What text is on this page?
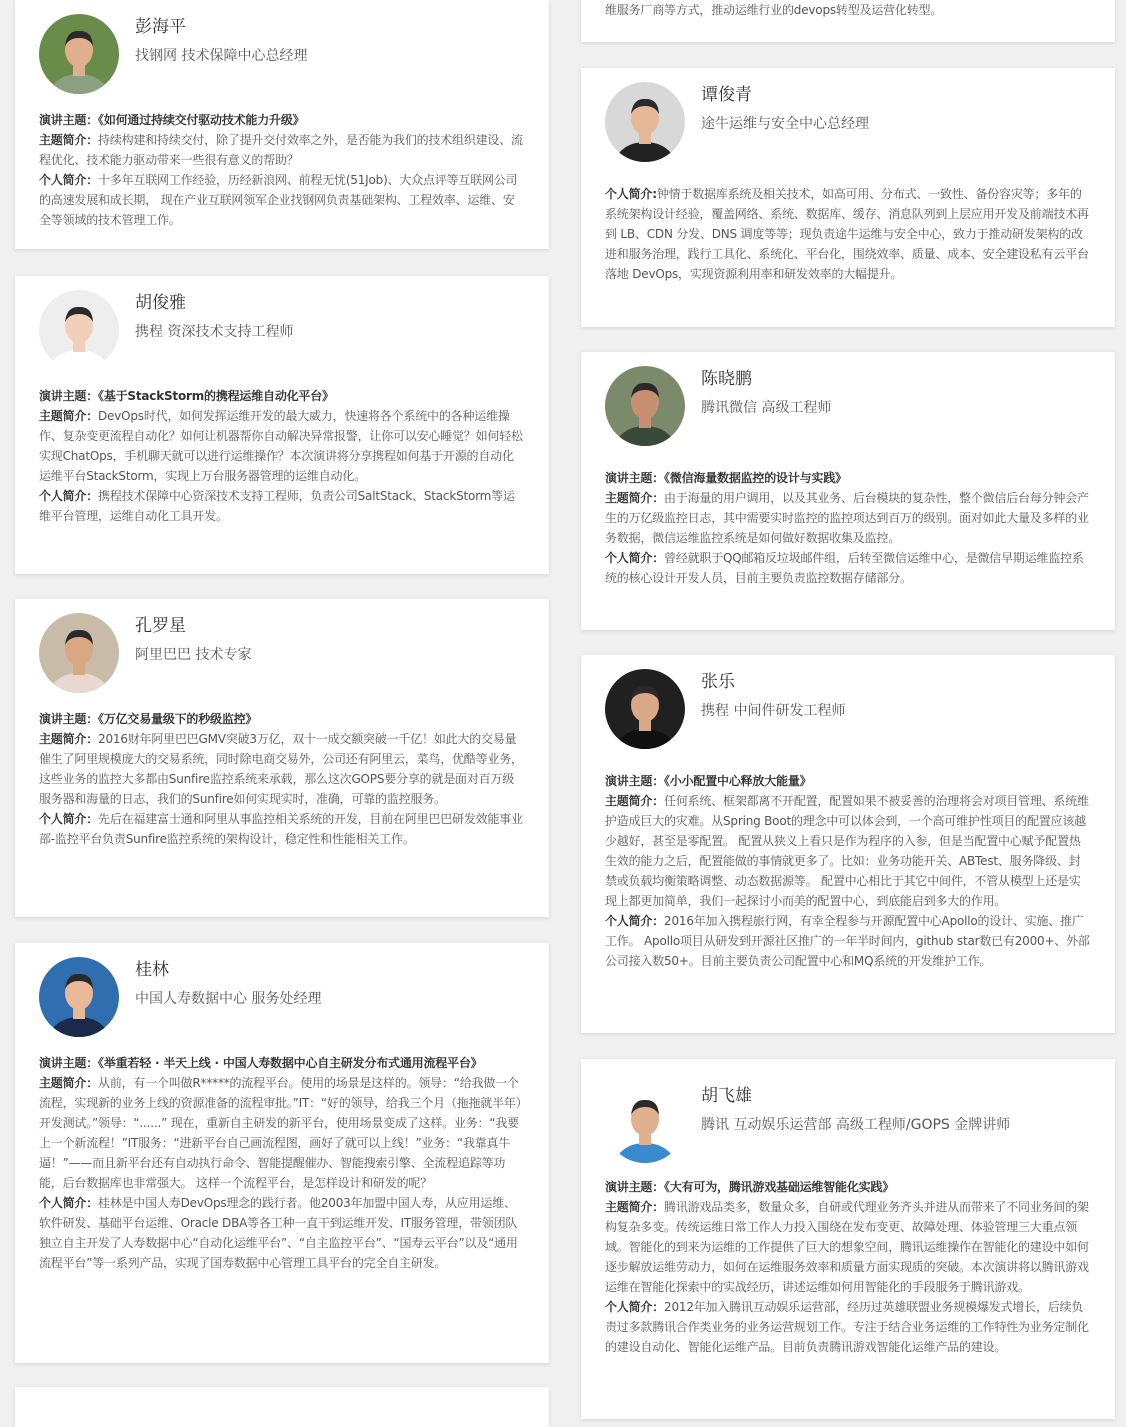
彭海平
找钢网 技术保障中心总经理

演讲主题：《如何通过持续交付驱动技术能力升级》

主题简介：持续构建和持续交付，除了提升交付效率之外，是否能为我们的技术组织建设、流程优化、技术能力驱动带来一些很有意义的帮助？

个人简介：十多年互联网工作经验，历经新浪网、前程无忧(51Job)、大众点评等互联网公司的高速发展和成长期， 现在产业互联网领军企业找钢网负责基础架构、工程效率、运维、安全等领域的技术管理工作。

胡俊雅
携程 资深技术支持工程师

演讲主题：《基于StackStorm的携程运维自动化平台》

主题简介：DevOps时代，如何发挥运维开发的最大威力，快速将各个系统中的各种运维操作、复杂变更流程自动化？如何让机器帮你自动解决异常报警，让你可以安心睡觉？如何轻松实现ChatOps，手机聊天就可以进行运维操作？本次演讲将分享携程如何基于开源的自动化运维平台StackStorm，实现上万台服务器管理的运维自动化。

个人简介：携程技术保障中心资深技术支持工程师，负责公司SaltStack、StackStorm等运维平台管理，运维自动化工具开发。

孔罗星
阿里巴巴 技术专家

演讲主题：《万亿交易量级下的秒级监控》

主题简介：2016财年阿里巴巴GMV突破3万亿，双十一成交额突破一千亿！如此大的交易量催生了阿里规模庞大的交易系统，同时除电商交易外，公司还有阿里云，菜鸟，优酷等业务，这些业务的监控大多都由Sunfire监控系统来承载，那么这次GOPS要分享的就是面对百万级服务器和海量的日志，我们的Sunfire如何实现实时，准确，可靠的监控服务。

个人简介：先后在福建富士通和阿里从事监控相关系统的开发，目前在阿里巴巴研发效能事业部-监控平台负责Sunfire监控系统的架构设计，稳定性和性能相关工作。

桂林
中国人寿数据中心 服务处经理

演讲主题：《举重若轻 · 半天上线 · 中国人寿数据中心自主研发分布式通用流程平台》

主题简介：从前，有一个叫做R*****的流程平台。使用的场景是这样的。领导：“给我做一个流程，实现新的业务上线的资源准备的流程审批。”IT：“好的领导，给我三个月（拖拖就半年）开发测试。”领导：“......” 现在，重新自主研发的新平台，使用场景变成了这样。业务：“我要上一个新流程！”IT服务：“进新平台自己画流程图，画好了就可以上线！”业务：“我靠真牛逼！”——而且新平台还有自动执行命令、智能提醒催办、智能搜索引擎、全流程追踪等功能，后台数据库也非常强大。 这样一个流程平台，是怎样设计和研发的呢？

个人简介：桂林是中国人寿DevOps理念的践行者。他2003年加盟中国人寿，从应用运维、软件研发、基础平台运维、Oracle DBA等各工种一直干到运维开发、IT服务管理，带领团队独立自主开发了人寿数据中心“自动化运维平台”、“自主监控平台”、“国寿云平台”以及“通用流程平台”等一系列产品，实现了国寿数据中心管理工具平台的完全自主研发。

维服务厂商等方式，推动运维行业的devops转型及运营化转型。
谭俊青
途牛运维与安全中心总经理

个人简介:钟情于数据库系统及相关技术，如高可用、分布式、一致性、备份容灾等；多年的系统架构设计经验，覆盖网络、系统、数据库、缓存、消息队列到上层应用开发及前端技术再到 LB、CDN 分发、DNS 调度等等；现负责途牛运维与安全中心，致力于推动研发架构的改进和服务治理，践行工具化、系统化、平台化，围绕效率、质量、成本、安全建设私有云平台落地 DevOps，实现资源利用率和研发效率的大幅提升。

陈晓鹏
腾讯微信 高级工程师

演讲主题：《微信海量数据监控的设计与实践》

主题简介：由于海量的用户调用，以及其业务、后台模块的复杂性，整个微信后台每分钟会产生的万亿级监控日志，其中需要实时监控的监控项达到百万的级别。面对如此大量及多样的业务数据，微信运维监控系统是如何做好数据收集及监控。

个人简介：曾经就职于QQ邮箱反垃圾邮件组，后转至微信运维中心，是微信早期运维监控系统的核心设计开发人员，目前主要负责监控数据存储部分。

张乐
携程 中间件研发工程师

演讲主题：《小小配置中心释放大能量》

主题简介：任何系统、框架都离不开配置，配置如果不被妥善的治理将会对项目管理、系统维护造成巨大的灾难。从Spring Boot的理念中可以体会到，一个高可维护性项目的配置应该越少越好，甚至是零配置。 配置从狭义上看只是作为程序的入参，但是当配置中心赋予配置热生效的能力之后，配置能做的事情就更多了。比如：业务功能开关、ABTest、服务降级、封禁或负载均衡策略调整、动态数据源等。 配置中心相比于其它中间件，不管从模型上还是实现上都更加简单，我们一起探讨小而美的配置中心，到底能启到多大的作用。

个人简介：2016年加入携程旅行网，有幸全程参与开源配置中心Apollo的设计、实施、推广工作。 Apollo项目从研发到开源社区推广的一年半时间内，github star数已有2000+、外部公司接入数50+。目前主要负责公司配置中心和MQ系统的开发维护工作。

胡飞雄
腾讯 互动娱乐运营部 高级工程师/GOPS 金牌讲师

演讲主题：《大有可为，腾讯游戏基础运维智能化实践》

主题简介：腾讯游戏品类多，数量众多，自研或代理业务齐头并进从而带来了不同业务间的架构复杂多变。传统运维日常工作人力投入围绕在发布变更、故障处理、体验管理三大重点领域。智能化的到来为运维的工作提供了巨大的想象空间，腾讯运维操作在智能化的建设中如何逐步解放运维劳动力，如何在运维服务效率和质量方面实现质的突破。本次演讲将以腾讯游戏运维在智能化探索中的实战经历，讲述运维如何用智能化的手段服务于腾讯游戏。

个人简介：2012年加入腾讯互动娱乐运营部，经历过英雄联盟业务规模爆发式增长，后续负责过多款腾讯合作类业务的业务运营规划工作。专注于结合业务运维的工作特性为业务定制化的建设自动化、智能化运维产品。目前负责腾讯游戏智能化运维产品的建设。
